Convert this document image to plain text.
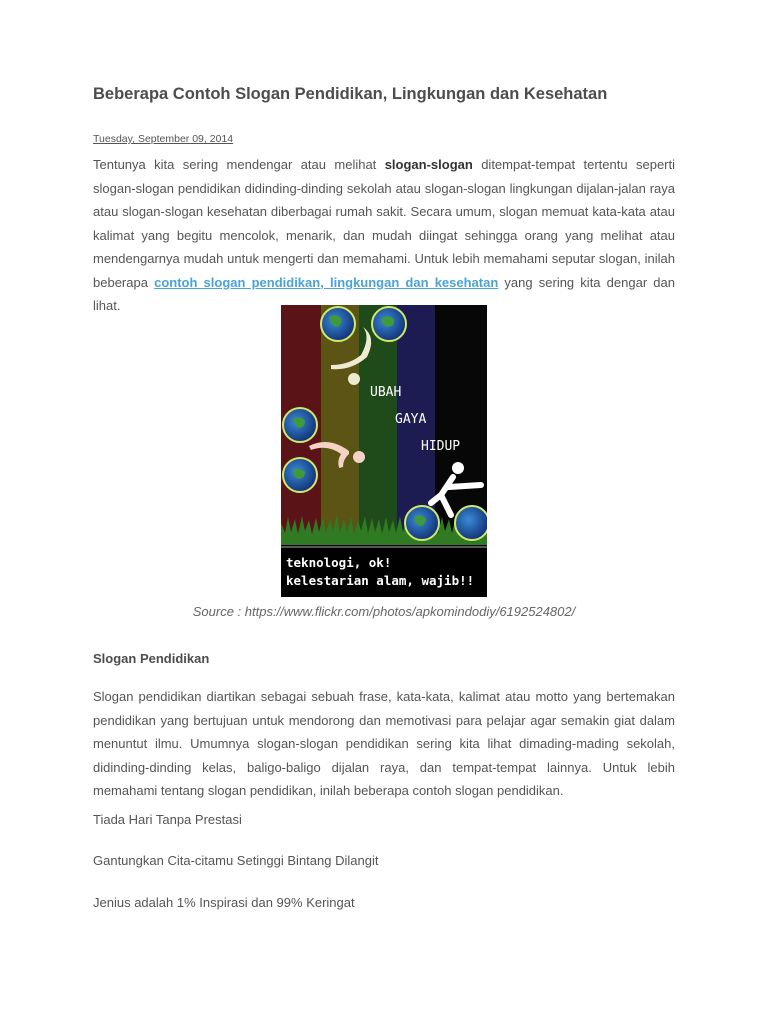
Beberapa Contoh Slogan Pendidikan, Lingkungan dan Kesehatan
Tuesday, September 09, 2014

Tentunya kita sering mendengar atau melihat slogan-slogan ditempat-tempat tertentu seperti slogan-slogan pendidikan didinding-dinding sekolah atau slogan-slogan lingkungan dijalan-jalan raya atau slogan-slogan kesehatan diberbagai rumah sakit. Secara umum, slogan memuat kata-kata atau kalimat yang begitu mencolok, menarik, dan mudah diingat sehingga orang yang melihat atau mendengarnya mudah untuk mengerti dan memahami. Untuk lebih memahami seputar slogan, inilah beberapa contoh slogan pendidikan, lingkungan dan kesehatan yang sering kita dengar dan lihat.

UBAH
GAYA
HIDUP
teknologi, ok!
kelestarian alam, wajib!!
Source : https://www.flickr.com/photos/apkomindodiy/6192524802/
Slogan Pendidikan

Slogan pendidikan diartikan sebagai sebuah frase, kata-kata, kalimat atau motto yang bertemakan pendidikan yang bertujuan untuk mendorong dan memotivasi para pelajar agar semakin giat dalam menuntut ilmu. Umumnya slogan-slogan pendidikan sering kita lihat dimading-mading sekolah, didinding-dinding kelas, baligo-baligo dijalan raya, dan tempat-tempat lainnya. Untuk lebih memahami tentang slogan pendidikan, inilah beberapa contoh slogan pendidikan.

Tiada Hari Tanpa Prestasi
Gantungkan Cita-citamu Setinggi Bintang Dilangit
Jenius adalah 1% Inspirasi dan 99% Keringat
